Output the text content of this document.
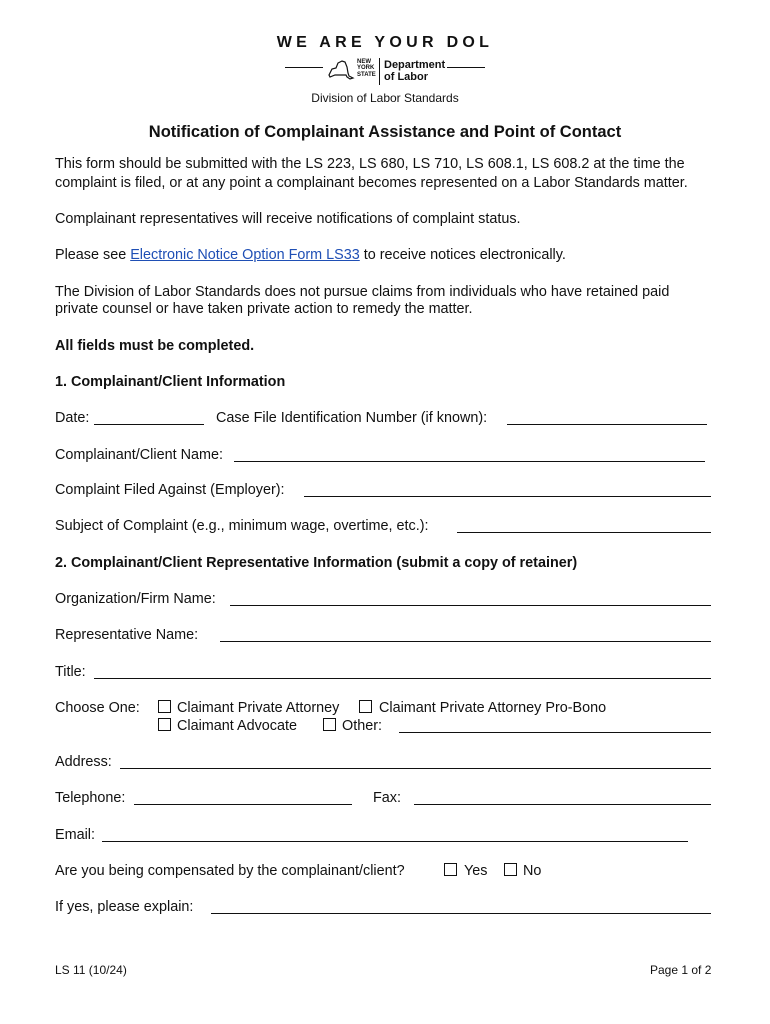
WE ARE YOUR DOL
NEW
YORK
STATE
Department
of Labor
Division of Labor Standards
Notification of Complainant Assistance and Point of Contact
This form should be submitted with the LS 223, LS 680, LS 710, LS 608.1, LS 608.2 at the time the
complaint is filed, or at any point a complainant becomes represented on a Labor Standards matter.
Complainant representatives will receive notifications of complaint status.
Please see Electronic Notice Option Form LS33 to receive notices electronically.
The Division of Labor Standards does not pursue claims from individuals who have retained paid
private counsel or have taken private action to remedy the matter.
All fields must be completed.
1. Complainant/Client Information
Date:	Case File Identification Number (if known):
Complainant/Client Name:
Complaint Filed Against (Employer):
Subject of Complaint (e.g., minimum wage, overtime, etc.):
2. Complainant/Client Representative Information (submit a copy of retainer)
Organization/Firm Name:
Representative Name:
Title:
Choose One:	Claimant Private Attorney	Claimant Private Attorney Pro-Bono
Claimant Advocate	Other:
Address:
Telephone:	Fax:
Email:
Are you being compensated by the complainant/client?	Yes No
If yes, please explain:
LS 11 (10/24)	Page 1 of 2
